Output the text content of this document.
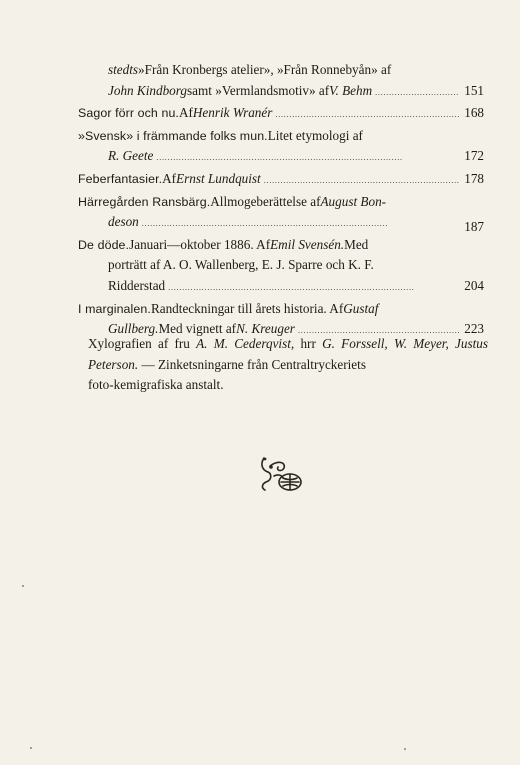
stedts »Från Kronbergs atelier», »Från Ronnebyån» af
John Kindborg samt »Vermlandsmotiv» af V. Behm . . .	151
Sagor förr och nu. Af Henrik Wranér . . .	168
»Svensk» i främmande folks mun. Litet etymologi af
R. Geete . . .	172
Feberfantasier. Af Ernst Lundquist . . .	178
Härregården Ransbärg. Allmogeberättelse af August Bon-
deson . . .	187
De döde. Januari—oktober 1886. Af Emil Svensén. Med
porträtt af A. O. Wallenberg, E. J. Sparre och K. F.
Ridderstad . . .	204
I marginalen. Randteckningar till årets historia. Af Gustaf
Gullberg. Med vignett af N. Kreuger . . .	223
Xylografien af fru A. M. Cederqvist, hrr G. Forssell, W. Meyer, Justus Peterson. — Zinketsningarne från Centraltryckeriets
foto-kemigrafiska anstalt.
